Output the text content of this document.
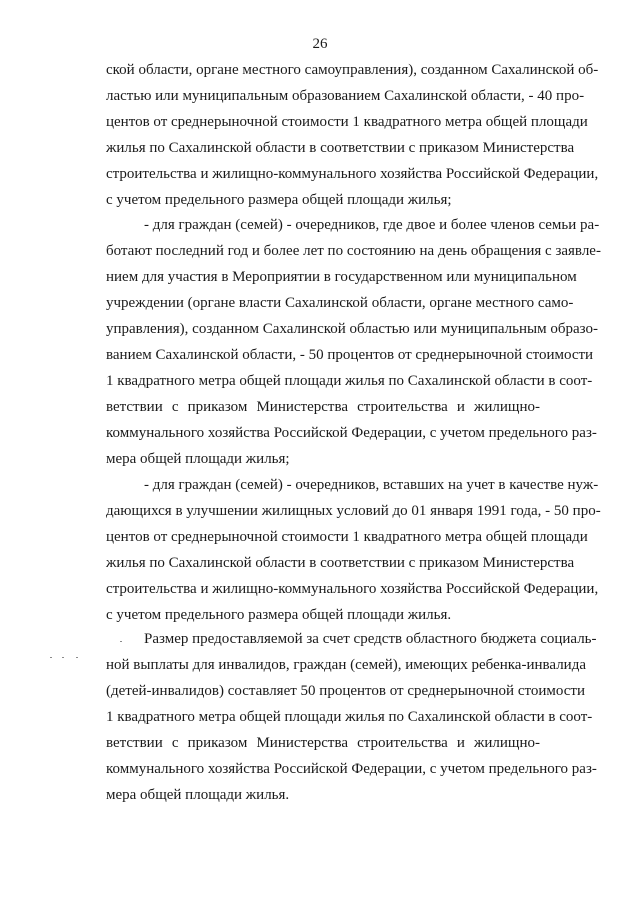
26
ской области, органе местного самоуправления), созданном Сахалинской об-
ластью или муниципальным образованием Сахалинской области, - 40 про-
центов от среднерыночной стоимости 1 квадратного метра общей площади
жилья по Сахалинской области в соответствии с приказом Министерства
строительства и жилищно-коммунального хозяйства Российской Федерации,
с учетом предельного размера общей площади жилья;
- для граждан (семей) - очередников, где двое и более членов семьи ра-
ботают последний год и более лет по состоянию на день обращения с заявле-
нием для участия в Мероприятии в государственном или муниципальном
учреждении (органе власти Сахалинской области, органе местного само-
управления), созданном Сахалинской областью или муниципальным образо-
ванием Сахалинской области, - 50 процентов от среднерыночной стоимости
1 квадратного метра общей площади жилья по Сахалинской области в соот-
ветствии с приказом Министерства строительства и жилищно-
коммунального хозяйства Российской Федерации, с учетом предельного раз-
мера общей площади жилья;
- для граждан (семей) - очередников, вставших на учет в качестве нуж-
дающихся в улучшении жилищных условий до 01 января 1991 года, - 50 про-
центов от среднерыночной стоимости 1 квадратного метра общей площади
жилья по Сахалинской области в соответствии с приказом Министерства
строительства и жилищно-коммунального хозяйства Российской Федерации,
с учетом предельного размера общей площади жилья.
Размер предоставляемой за счет средств областного бюджета социаль-
ной выплаты для инвалидов, граждан (семей), имеющих ребенка-инвалида
(детей-инвалидов) составляет 50 процентов от среднерыночной стоимости
1 квадратного метра общей площади жилья по Сахалинской области в соот-
ветствии с приказом Министерства строительства и жилищно-
коммунального хозяйства Российской Федерации, с учетом предельного раз-
мера общей площади жилья.
